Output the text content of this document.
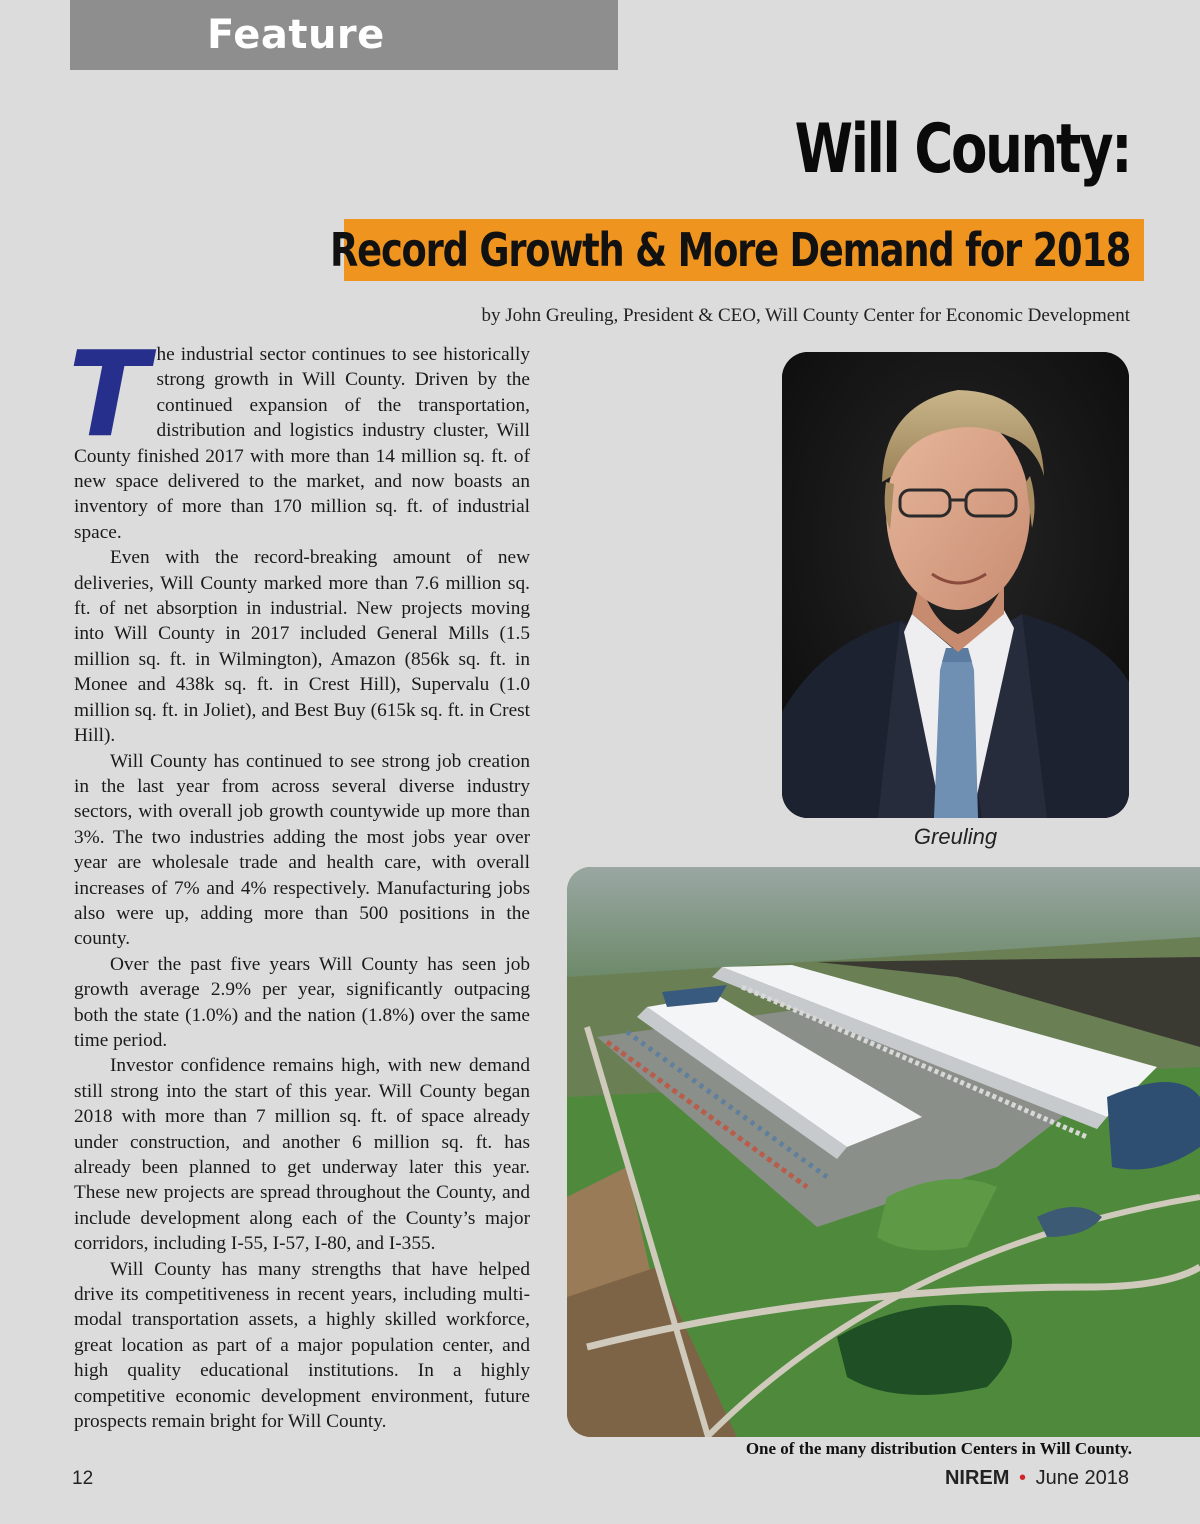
Feature
Will County:
Record Growth & More Demand for 2018
by John Greuling, President & CEO, Will County Center for Economic Development

The industrial sector continues to see historically strong growth in Will County. Driven by the continued expansion of the transportation, distribution and logistics industry cluster, Will County finished 2017 with more than 14 million sq. ft. of new space delivered to the market, and now boasts an inventory of more than 170 million sq. ft. of industrial space.

Even with the record-breaking amount of new deliveries, Will County marked more than 7.6 million sq. ft. of net absorption in industrial. New projects moving into Will County in 2017 included General Mills (1.5 million sq. ft. in Wilmington), Amazon (856k sq. ft. in Monee and 438k sq. ft. in Crest Hill), Supervalu (1.0 million sq. ft. in Joliet), and Best Buy (615k sq. ft. in Crest Hill).

Will County has continued to see strong job creation in the last year from across several diverse industry sectors, with overall job growth countywide up more than 3%. The two industries adding the most jobs year over year are wholesale trade and health care, with overall increases of 7% and 4% respectively. Manufacturing jobs also were up, adding more than 500 positions in the county.

Over the past five years Will County has seen job growth average 2.9% per year, significantly outpacing both the state (1.0%) and the nation (1.8%) over the same time period.

Investor confidence remains high, with new demand still strong into the start of this year. Will County began 2018 with more than 7 million sq. ft. of space already under construction, and another 6 million sq. ft. has already been planned to get underway later this year. These new projects are spread throughout the County, and include development along each of the County’s major corridors, including I-55, I-57, I-80, and I-355.

Will County has many strengths that have helped drive its competitiveness in recent years, including multi-modal transportation assets, a highly skilled workforce, great location as part of a major population center, and high quality educational institutions. In a highly competitive economic development environment, future prospects remain bright for Will County.

Greuling
One of the many distribution Centers in Will County.
12	NIREM • June 2018
